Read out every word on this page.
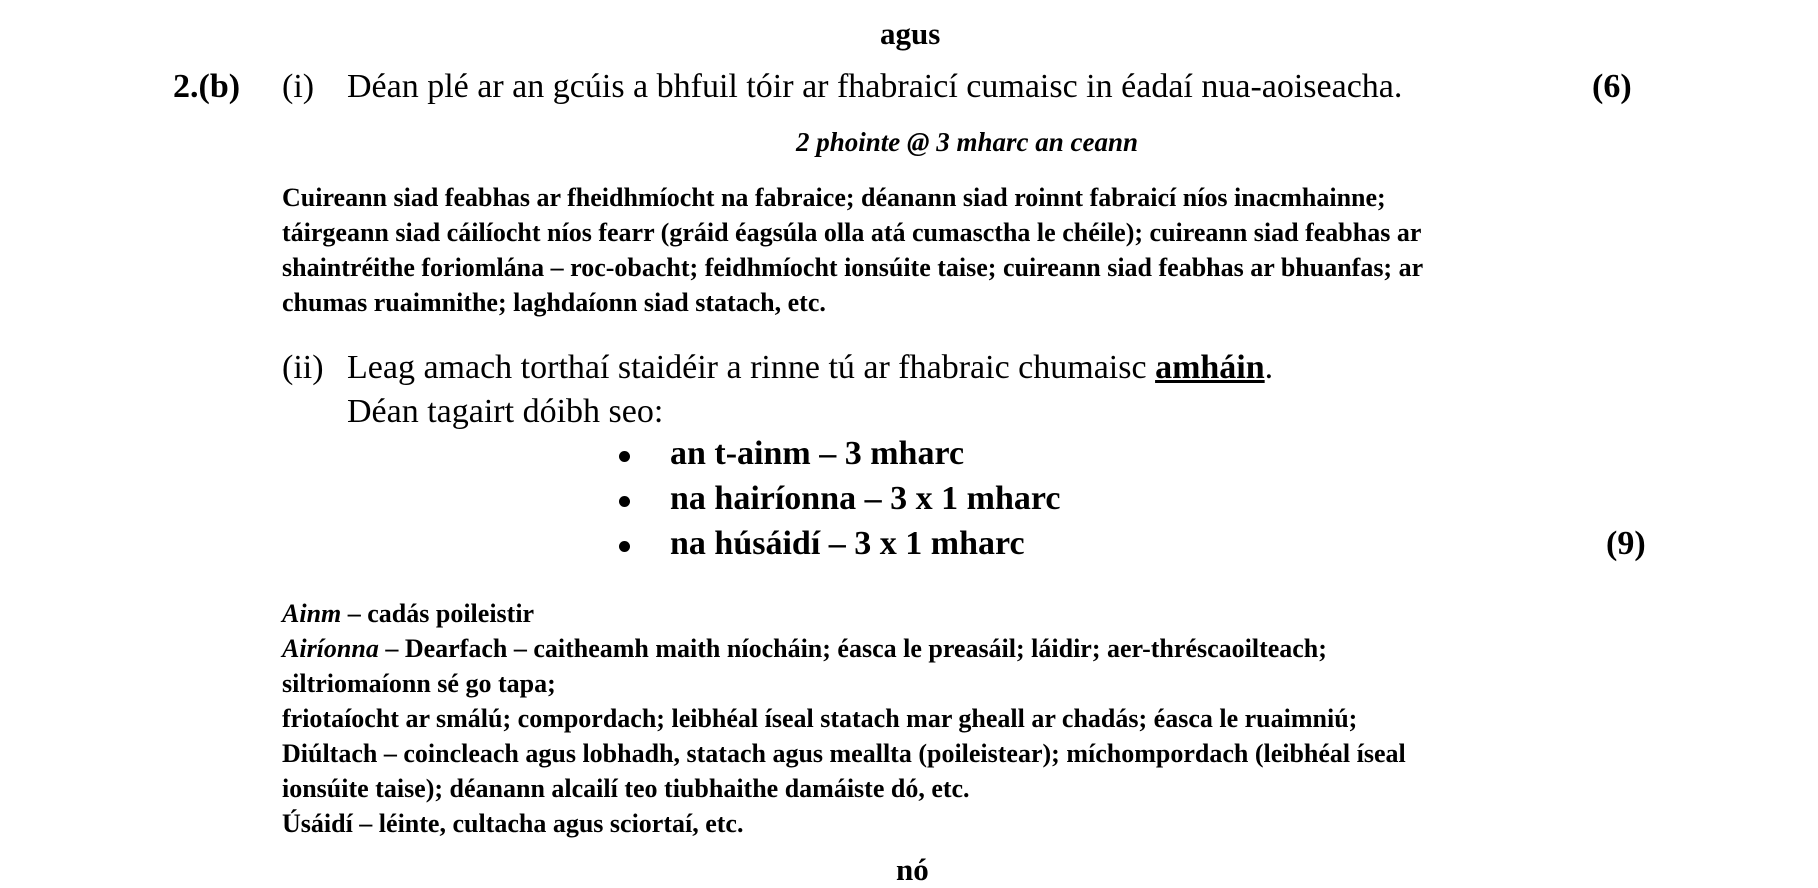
agus
2.(b) (i) Déan plé ar an gcúis a bhfuil tóir ar fhabraicí cumaisc in éadaí nua-aoiseacha.	(6)
2 phointe @ 3 mharc an ceann
Cuireann siad feabhas ar fheidhmíocht na fabraice; déanann siad roinnt fabraicí níos inacmhainne;
táirgeann siad cáilíocht níos fearr (gráid éagsúla olla atá cumasctha le chéile); cuireann siad feabhas ar
shaintréithe foriomlána – roc-obacht; feidhmíocht ionsúite taise; cuireann siad feabhas ar bhuanfas; ar
chumas ruaimnithe; laghdaíonn siad statach, etc.
(ii) Leag amach torthaí staidéir a rinne tú ar fhabraic chumaisc amháin.
Déan tagairt dóibh seo:
an t-ainm – 3 mharc
na hairíonna – 3 x 1 mharc
na húsáidí – 3 x 1 mharc	(9)
Ainm – cadás poileistir
Airíonna – Dearfach – caitheamh maith níocháin; éasca le preasáil; láidir; aer-thréscaoilteach;
siltriomaíonn sé go tapa;
friotaíocht ar smálú; compordach; leibhéal íseal statach mar gheall ar chadás; éasca le ruaimniú;
Diúltach – coincleach agus lobhadh, statach agus meallta (poileistear); míchompordach (leibhéal íseal
ionsúite taise); déanann alcailí teo tiubhaithe damáiste dó, etc.
Úsáidí – léinte, cultacha agus sciortaí, etc.
nó
